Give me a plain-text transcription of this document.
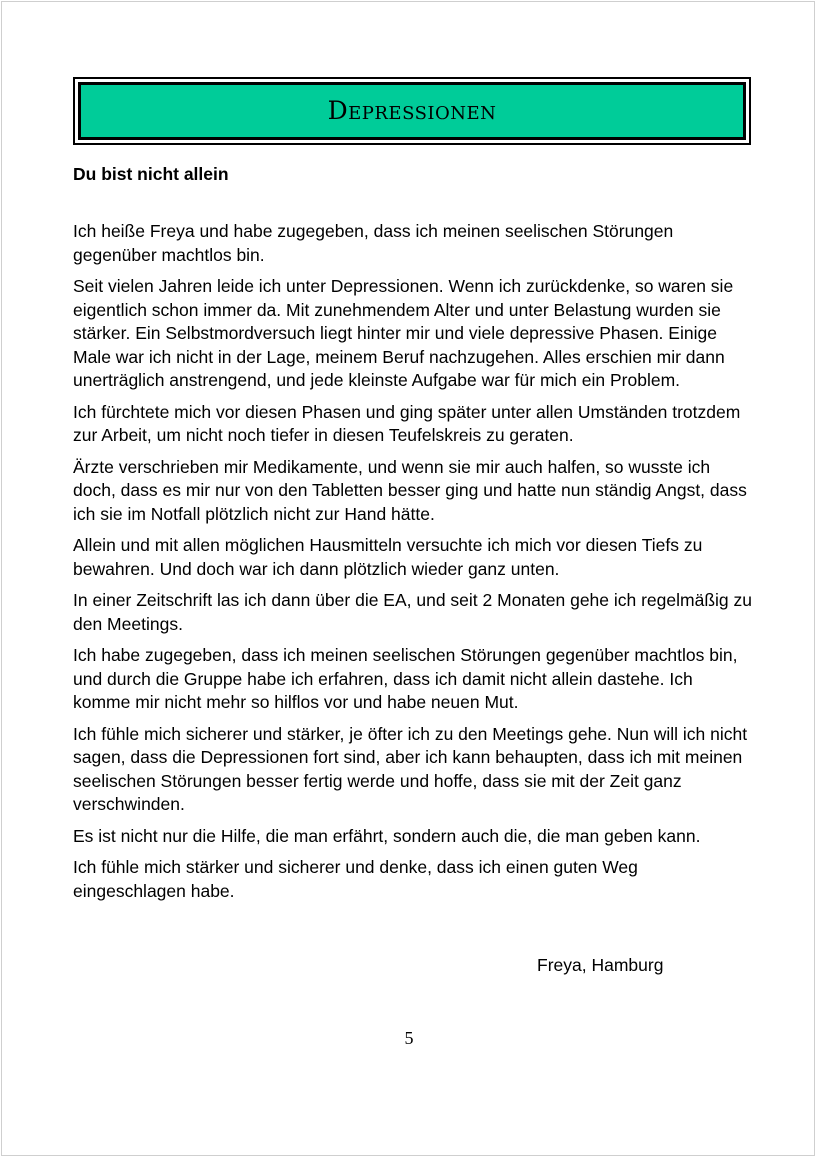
Depressionen
Du bist nicht allein

Ich heiße Freya und habe zugegeben, dass ich meinen seelischen Störungen gegenüber machtlos bin.

Seit vielen Jahren leide ich unter Depressionen. Wenn ich zurückdenke, so waren sie eigentlich schon immer da. Mit zunehmendem Alter und unter Belastung wurden sie stärker. Ein Selbstmordversuch liegt hinter mir und viele depressive Phasen. Einige Male war ich nicht in der Lage, meinem Beruf nachzugehen. Alles erschien mir dann unerträglich anstrengend, und jede kleinste Aufgabe war für mich ein Problem.

Ich fürchtete mich vor diesen Phasen und ging später unter allen Umständen trotzdem zur Arbeit, um nicht noch tiefer in diesen Teufelskreis zu geraten.

Ärzte verschrieben mir Medikamente, und wenn sie mir auch halfen, so wusste ich doch, dass es mir nur von den Tabletten besser ging und hatte nun ständig Angst, dass ich sie im Notfall plötzlich nicht zur Hand hätte.

Allein und mit allen möglichen Hausmitteln versuchte ich mich vor diesen Tiefs zu bewahren. Und doch war ich dann plötzlich wieder ganz unten.

In einer Zeitschrift las ich dann über die EA, und seit 2 Monaten gehe ich regelmäßig zu den Meetings.

Ich habe zugegeben, dass ich meinen seelischen Störungen gegenüber machtlos bin, und durch die Gruppe habe ich erfahren, dass ich damit nicht allein dastehe. Ich komme mir nicht mehr so hilflos vor und habe neuen Mut.

Ich fühle mich sicherer und stärker, je öfter ich zu den Meetings gehe. Nun will ich nicht sagen, dass die Depressionen fort sind, aber ich kann behaupten, dass ich mit meinen seelischen Störungen besser fertig werde und hoffe, dass sie mit der Zeit ganz verschwinden.

Es ist nicht nur die Hilfe, die man erfährt, sondern auch die, die man geben kann.

Ich fühle mich stärker und sicherer und denke, dass ich einen guten Weg eingeschlagen habe.

Freya, Hamburg

5
